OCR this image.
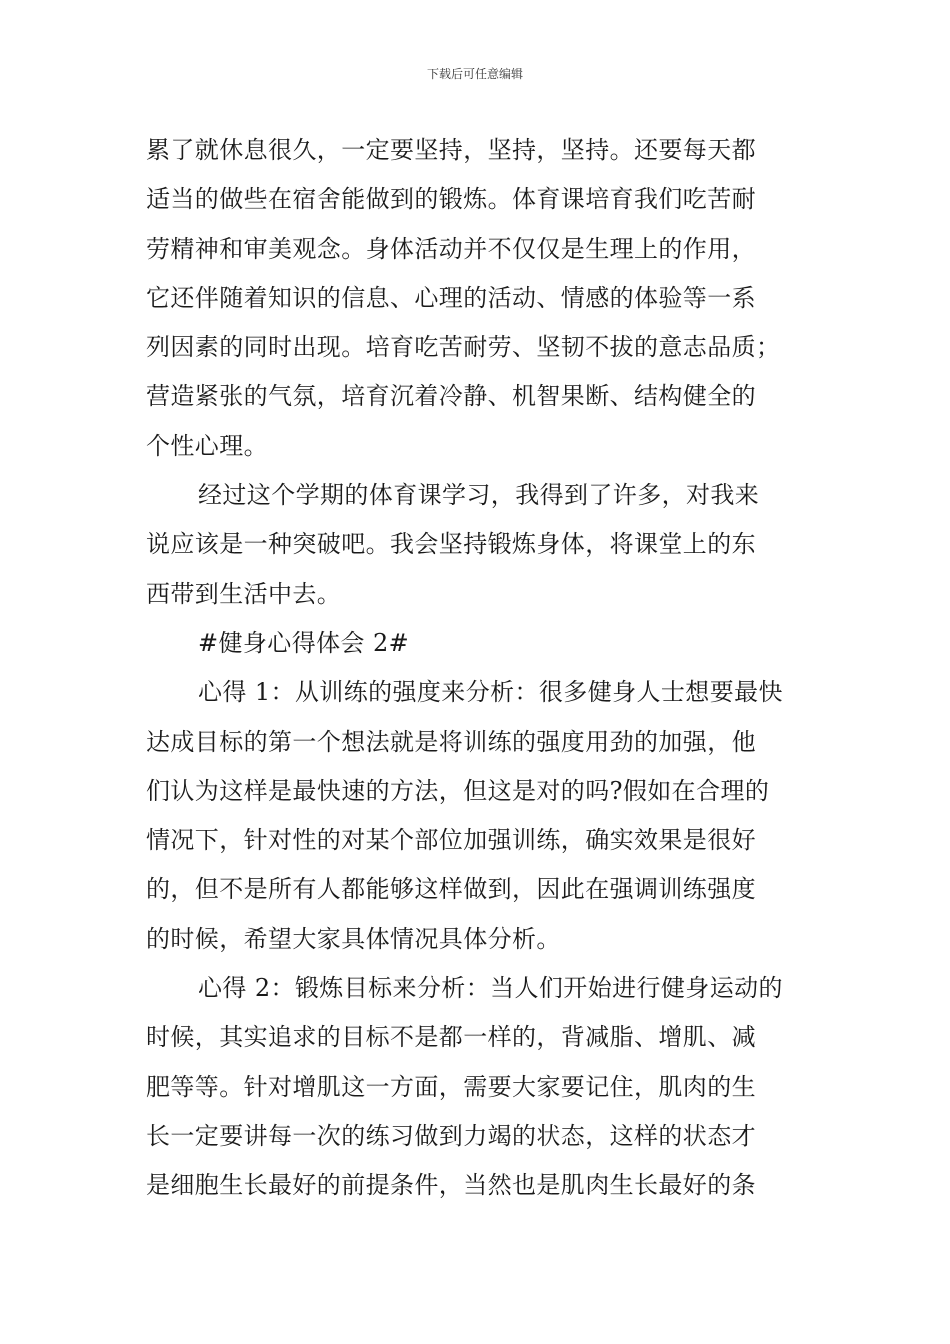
下载后可任意编辑
累了就休息很久，一定要坚持，坚持，坚持。还要每天都
适当的做些在宿舍能做到的锻炼。体育课培育我们吃苦耐
劳精神和审美观念。身体活动并不仅仅是生理上的作用，
它还伴随着知识的信息、心理的活动、情感的体验等一系
列因素的同时出现。培育吃苦耐劳、坚韧不拔的意志品质；
营造紧张的气氛，培育沉着冷静、机智果断、结构健全的
个性心理。
经过这个学期的体育课学习，我得到了许多，对我来
说应该是一种突破吧。我会坚持锻炼身体，将课堂上的东
西带到生活中去。
#健身心得体会 2#
心得 1：从训练的强度来分析：很多健身人士想要最快
达成目标的第一个想法就是将训练的强度用劲的加强，他
们认为这样是最快速的方法，但这是对的吗?假如在合理的
情况下，针对性的对某个部位加强训练，确实效果是很好
的，但不是所有人都能够这样做到，因此在强调训练强度
的时候，希望大家具体情况具体分析。
心得 2：锻炼目标来分析：当人们开始进行健身运动的
时候，其实追求的目标不是都一样的，背减脂、增肌、减
肥等等。针对增肌这一方面，需要大家要记住，肌肉的生
长一定要讲每一次的练习做到力竭的状态，这样的状态才
是细胞生长最好的前提条件，当然也是肌肉生长最好的条
